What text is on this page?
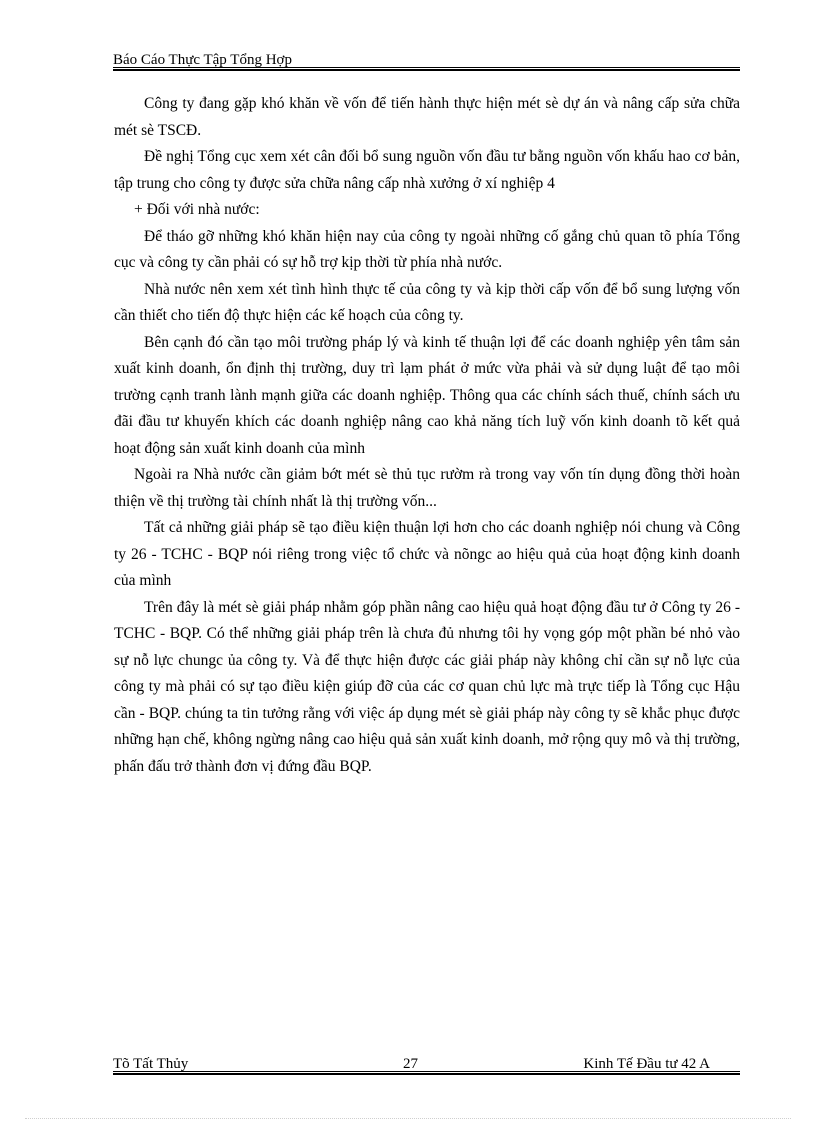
Báo Cáo Thực Tập Tổng Hợp

Công ty đang gặp khó khăn về vốn để tiến hành thực hiện mét sè dự án và nâng cấp sửa chữa mét sè TSCĐ.

Đề nghị Tổng cục xem xét cân đối bổ sung nguồn vốn đầu tư bằng nguồn vốn khấu hao cơ bản, tập trung cho công ty được sửa chữa nâng cấp nhà xưởng ở xí nghiệp 4

+ Đối với nhà nước:

Để tháo gỡ những khó khăn hiện nay của công ty ngoài những cố gắng chủ quan tõ phía Tổng cục và công ty cần phải có sự hỗ trợ kịp thời từ phía nhà nước.

Nhà nước nên xem xét tình hình thực tế của công ty và kịp thời cấp vốn để bổ sung lượng vốn cần thiết cho tiến độ thực hiện các kế hoạch của công ty.

Bên cạnh đó cần tạo môi trường pháp lý và kinh tế thuận lợi để các doanh nghiệp yên tâm sản xuất kinh doanh, ổn định thị trường, duy trì lạm phát ở mức vừa phải và sử dụng luật để tạo môi trường cạnh tranh lành mạnh giữa các doanh nghiệp. Thông qua các chính sách thuế, chính sách ưu đãi đầu tư khuyến khích các doanh nghiệp nâng cao khả năng tích luỹ vốn kinh doanh tõ kết quả hoạt động sản xuất kinh doanh của mình

Ngoài ra Nhà nước cần giảm bớt mét sè thủ tục rườm rà trong vay vốn tín dụng đồng thời hoàn thiện về thị trường tài chính nhất là thị trường vốn...

Tất cả những giải pháp sẽ tạo điều kiện thuận lợi hơn cho các doanh nghiệp nói chung và Công ty 26 - TCHC - BQP nói riêng trong việc tổ chức và nõngc ao hiệu quả của hoạt động kinh doanh của mình

Trên đây là mét sè giải pháp nhằm góp phần nâng cao hiệu quả hoạt động đầu tư ở Công ty 26 - TCHC - BQP. Có thể những giải pháp trên là chưa đủ nhưng tôi hy vọng góp một phần bé nhỏ vào sự nỗ lực chungc ủa công ty. Và để thực hiện được các giải pháp này không chỉ cần sự nỗ lực của công ty mà phải có sự tạo điều kiện giúp đỡ của các cơ quan chủ lực mà trực tiếp là Tổng cục Hậu cần - BQP. chúng ta tin tưởng rằng với việc áp dụng mét sè giải pháp này công ty sẽ khắc phục được những hạn chế, không ngừng nâng cao hiệu quả sản xuất kinh doanh, mở rộng quy mô và thị trường, phấn đấu trở thành đơn vị đứng đầu BQP.

Tõ Tất Thủy	27	Kinh Tế Đầu tư 42 A
